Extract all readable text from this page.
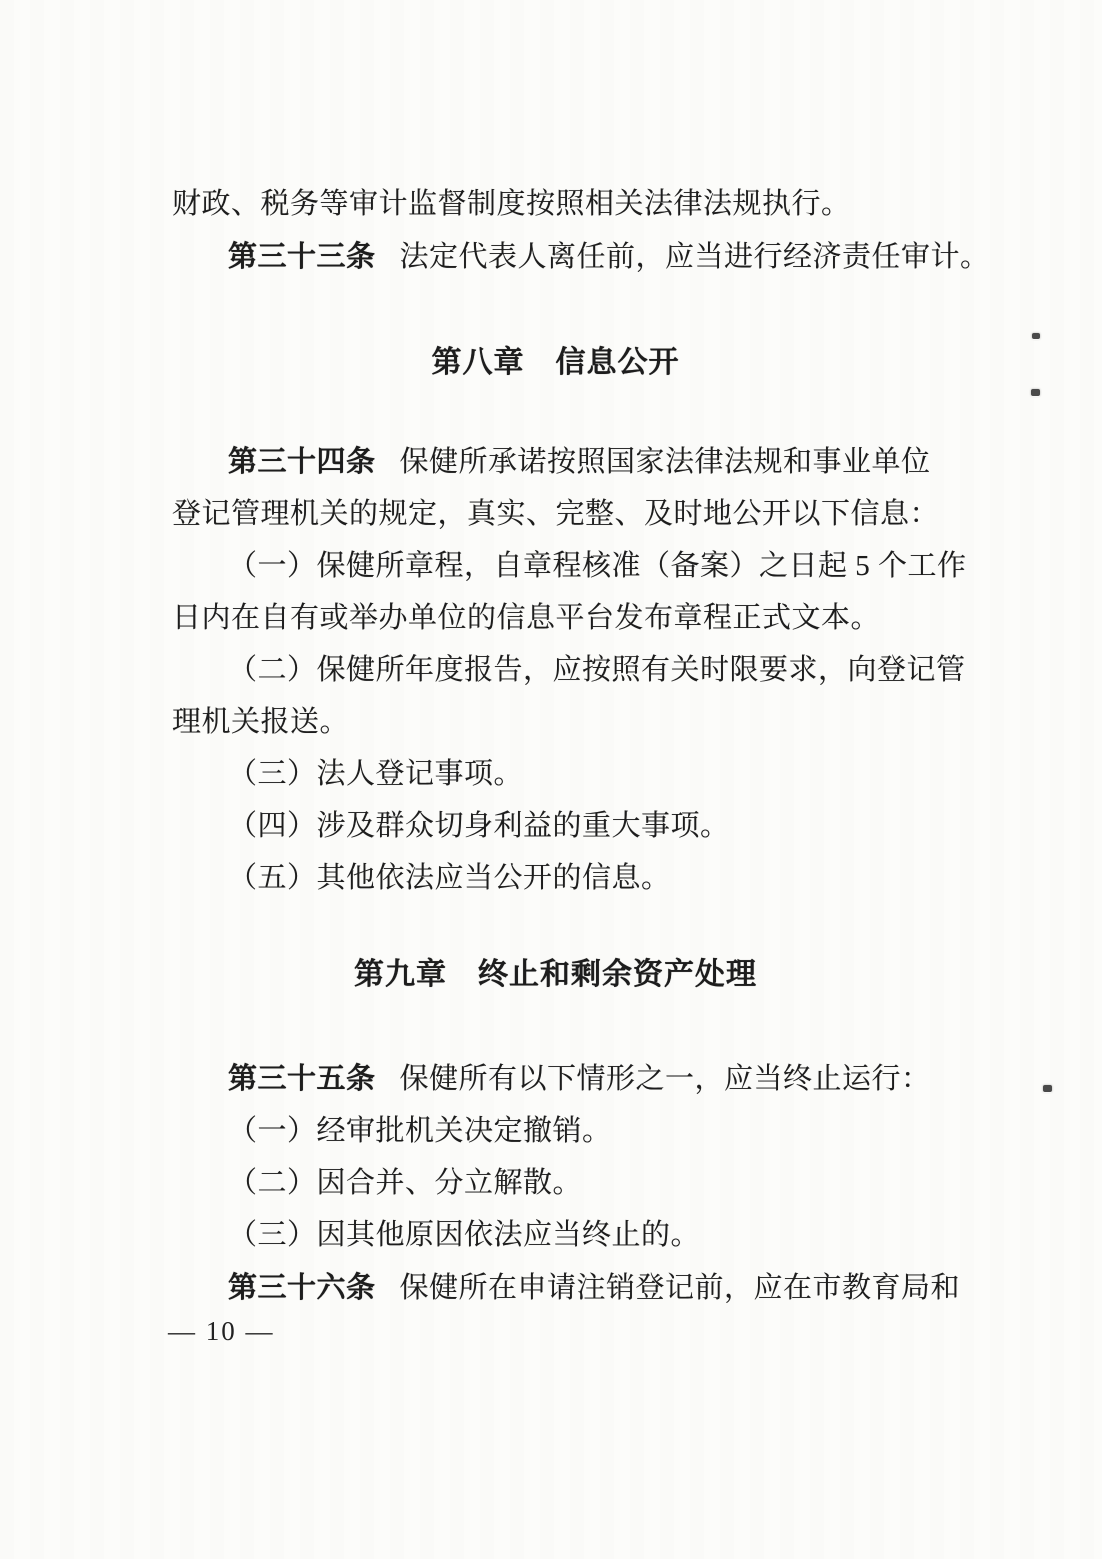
财政、税务等审计监督制度按照相关法律法规执行。
第三十三条 法定代表人离任前，应当进行经济责任审计。
第八章　信息公开
第三十四条 保健所承诺按照国家法律法规和事业单位
登记管理机关的规定，真实、完整、及时地公开以下信息：
（一）保健所章程，自章程核准（备案）之日起 5 个工作
日内在自有或举办单位的信息平台发布章程正式文本。
（二）保健所年度报告，应按照有关时限要求，向登记管
理机关报送。
（三）法人登记事项。
（四）涉及群众切身利益的重大事项。
（五）其他依法应当公开的信息。
第九章　终止和剩余资产处理
第三十五条 保健所有以下情形之一，应当终止运行：
（一）经审批机关决定撤销。
（二）因合并、分立解散。
（三）因其他原因依法应当终止的。
第三十六条 保健所在申请注销登记前，应在市教育局和
— 10 —
